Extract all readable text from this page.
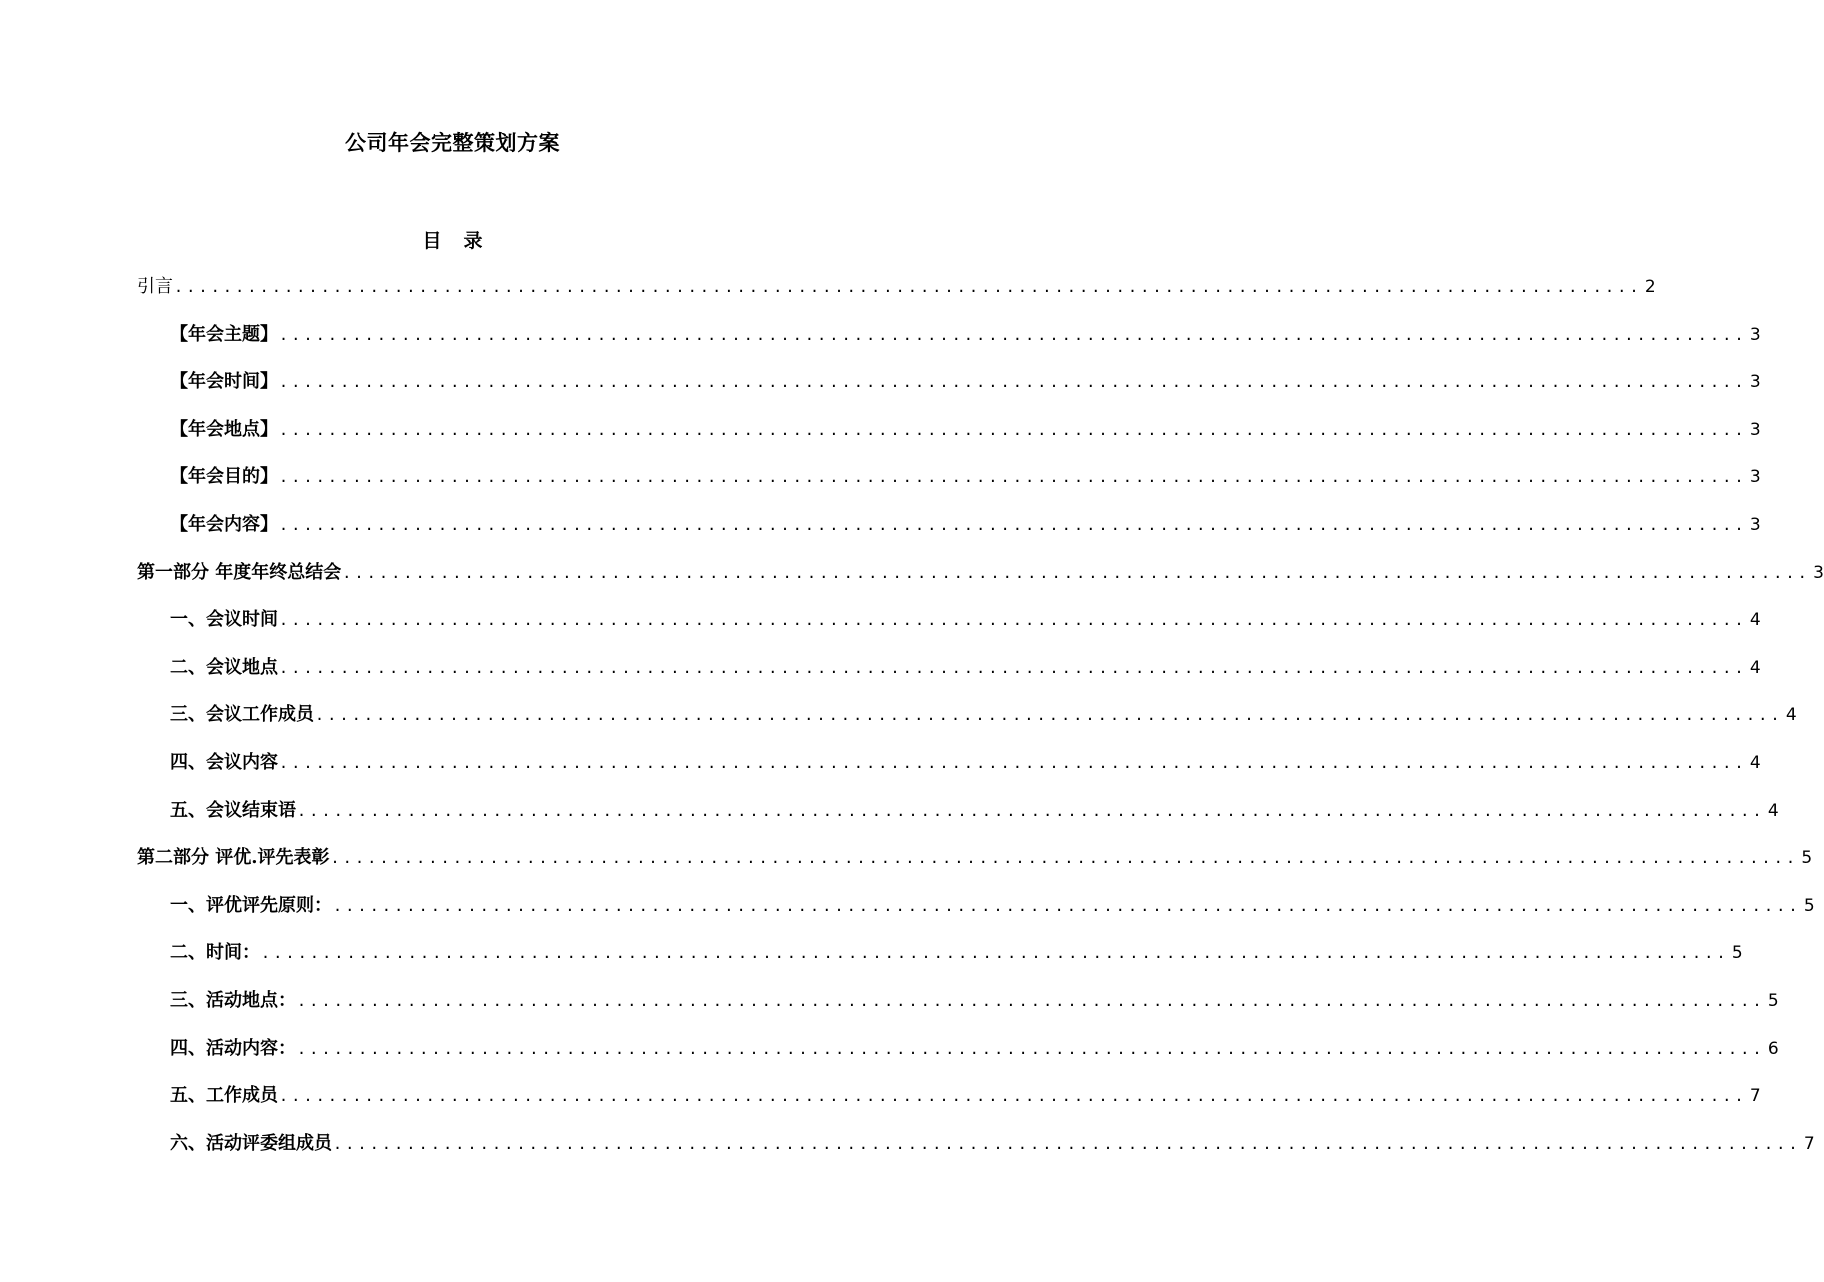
公司年会完整策划方案
目录
引言 ........................................................................................................................ 2
【年会主题】 ........................................................................................................................ 3
【年会时间】 ........................................................................................................................ 3
【年会地点】 ........................................................................................................................ 3
【年会目的】 ........................................................................................................................ 3
【年会内容】 ........................................................................................................................ 3
第一部分 年度年终总结会 ........................................................................................................................ 3
一、会议时间 ........................................................................................................................ 4
二、会议地点 ........................................................................................................................ 4
三、会议工作成员 ........................................................................................................................ 4
四、会议内容 ........................................................................................................................ 4
五、会议结束语 ........................................................................................................................ 4
第二部分 评优.评先表彰 ........................................................................................................................ 5
一、评优评先原则： ........................................................................................................................ 5
二、时间： ........................................................................................................................ 5
三、活动地点： ........................................................................................................................ 5
四、活动内容： ........................................................................................................................ 6
五、工作成员 ........................................................................................................................ 7
六、活动评委组成员 ........................................................................................................................ 7
